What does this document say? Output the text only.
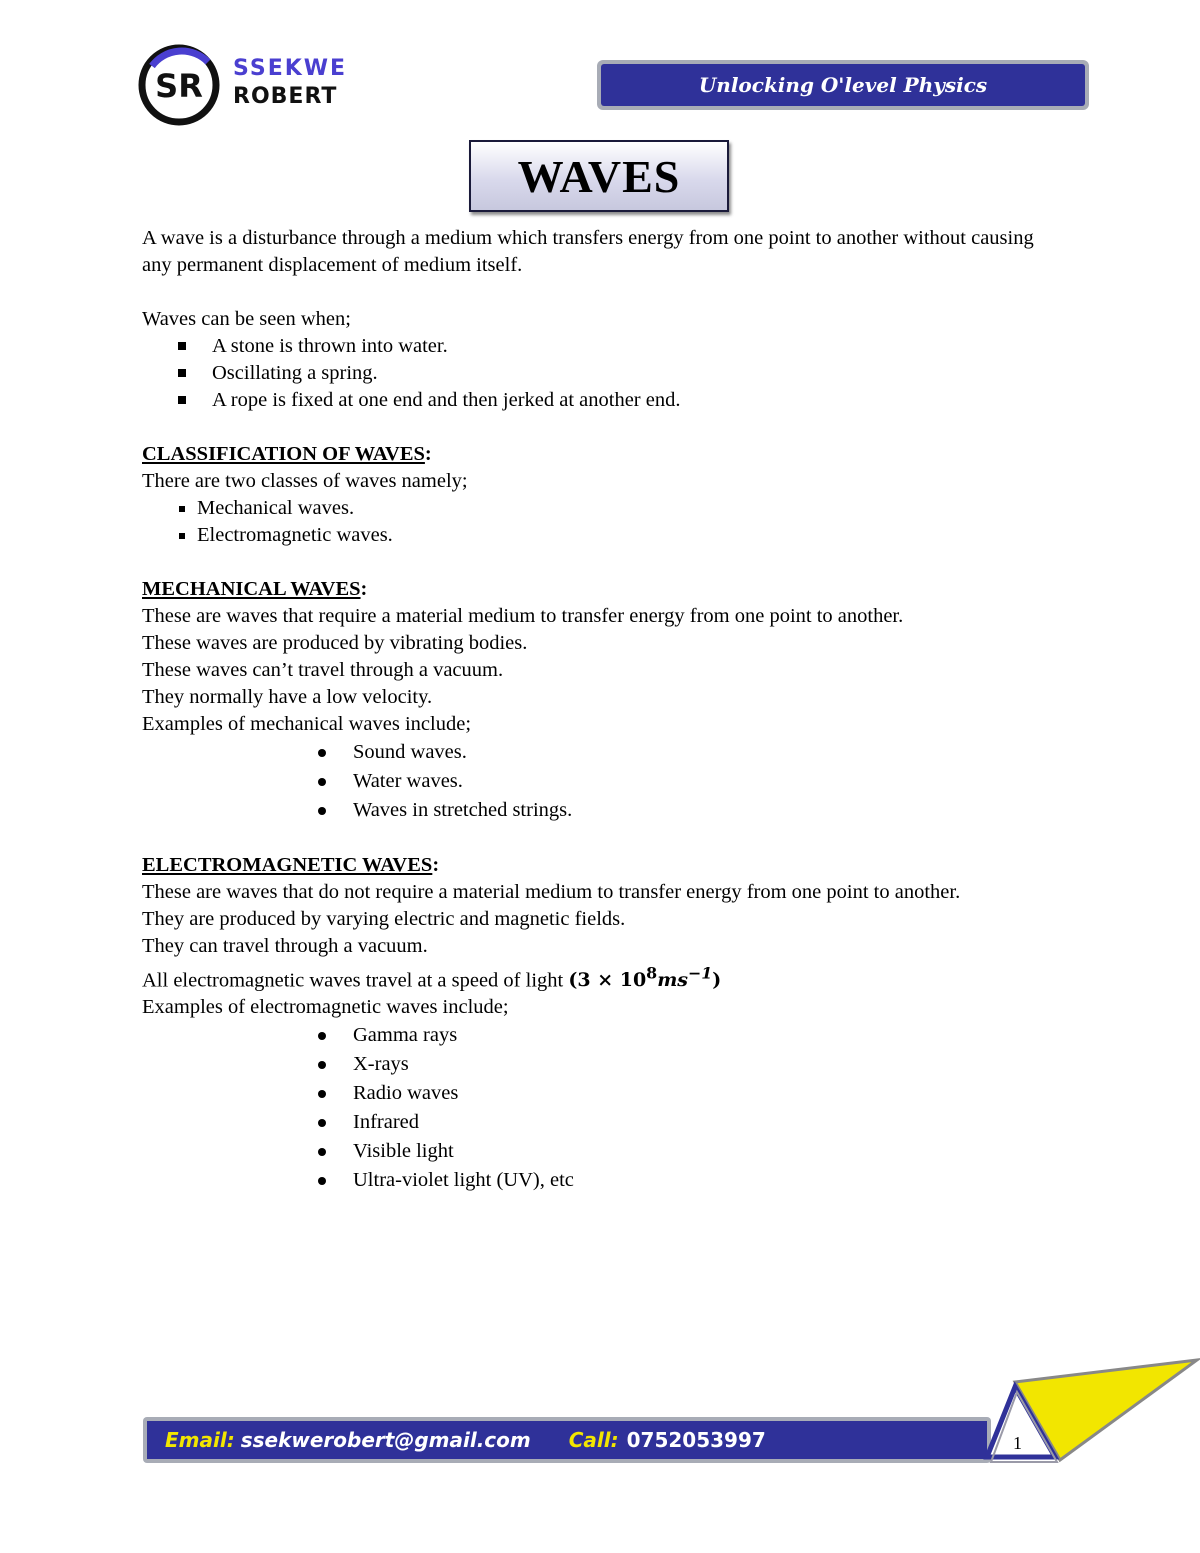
SR SSEKWE
ROBERT	Unlocking O'level Physics
WAVES

A wave is a disturbance through a medium which transfers energy from one point to another without causing any permanent displacement of medium itself.

Waves can be seen when;

A stone is thrown into water.
Oscillating a spring.
A rope is fixed at one end and then jerked at another end.

CLASSIFICATION OF WAVES:

There are two classes of waves namely;

Mechanical waves.
Electromagnetic waves.

MECHANICAL WAVES:

These are waves that require a material medium to transfer energy from one point to another.

These waves are produced by vibrating bodies.

These waves can’t travel through a vacuum.

They normally have a low velocity.

Examples of mechanical waves include;

Sound waves.
Water waves.
Waves in stretched strings.

ELECTROMAGNETIC WAVES:

These are waves that do not require a material medium to transfer energy from one point to another.

They are produced by varying electric and magnetic fields.

They can travel through a vacuum.

All electromagnetic waves travel at a speed of light $(3 \times 10^8ms^{-1})$

Examples of electromagnetic waves include;

Gamma rays
X-rays
Radio waves
Infrared
Visible light
Ultra-violet light (UV), etc
Email: ssekwerobert@gmail.com Call: 0752053997	1
